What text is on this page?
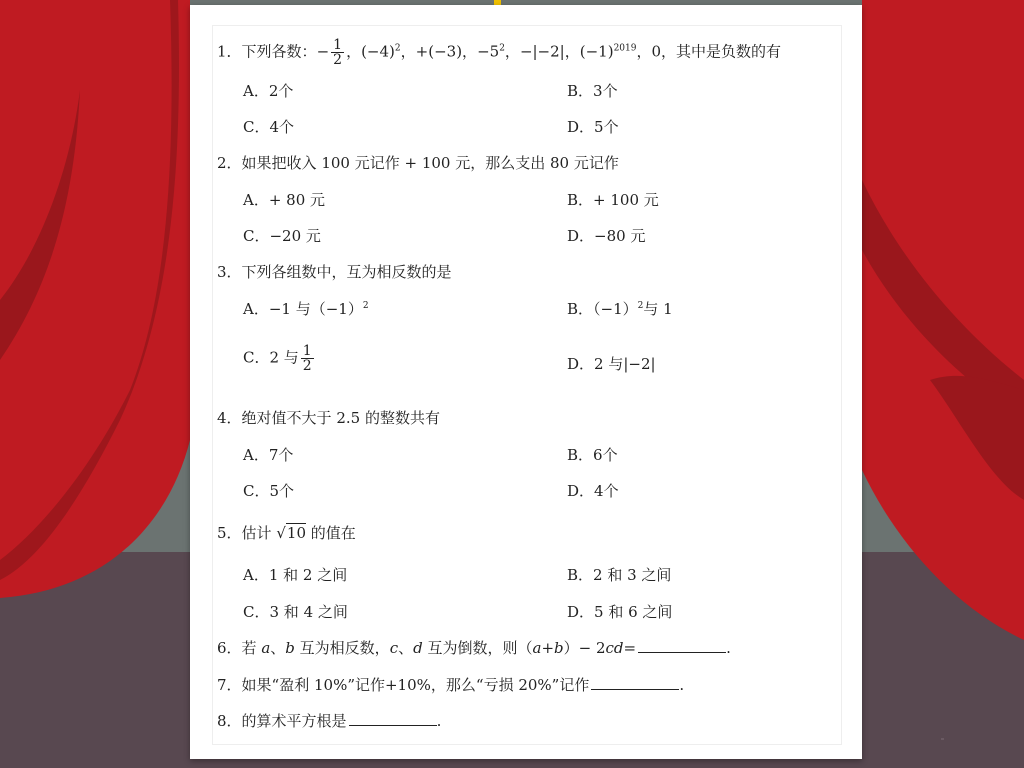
1．下列各数：− $\frac{1}{2}$ ，$(-4)^2$，+(−3)，$-5^2$，−|−2|，$(-1)^{2019}$，0，其中是负数的有
A．2个	B．3个
C．4个	D．5个
2．如果把收入 100 元记作 + 100 元，那么支出 80 元记作
A．+ 80 元	B．+ 100 元
C．−20 元	D．−80 元
3．下列各组数中，互为相反数的是
A．−1 与$(-1)^2$	B．$(-1)^2$与 1
C．2 与 $\frac{1}{2}$	D．2 与|−2|
4．绝对值不大于 2.5 的整数共有
A．7个	B．6个
C．5个	D．4个
5．估计 √10 的值在
A．1 和 2 之间	B．2 和 3 之间
C．3 和 4 之间	D．5 和 6 之间
6．若 a、b 互为相反数，c、d 互为倒数，则（a+b）− 2cd=	.
7．如果“盈利 10%”记作+10%，那么“亏损 20%”记作	.
8．的算术平方根是	.
